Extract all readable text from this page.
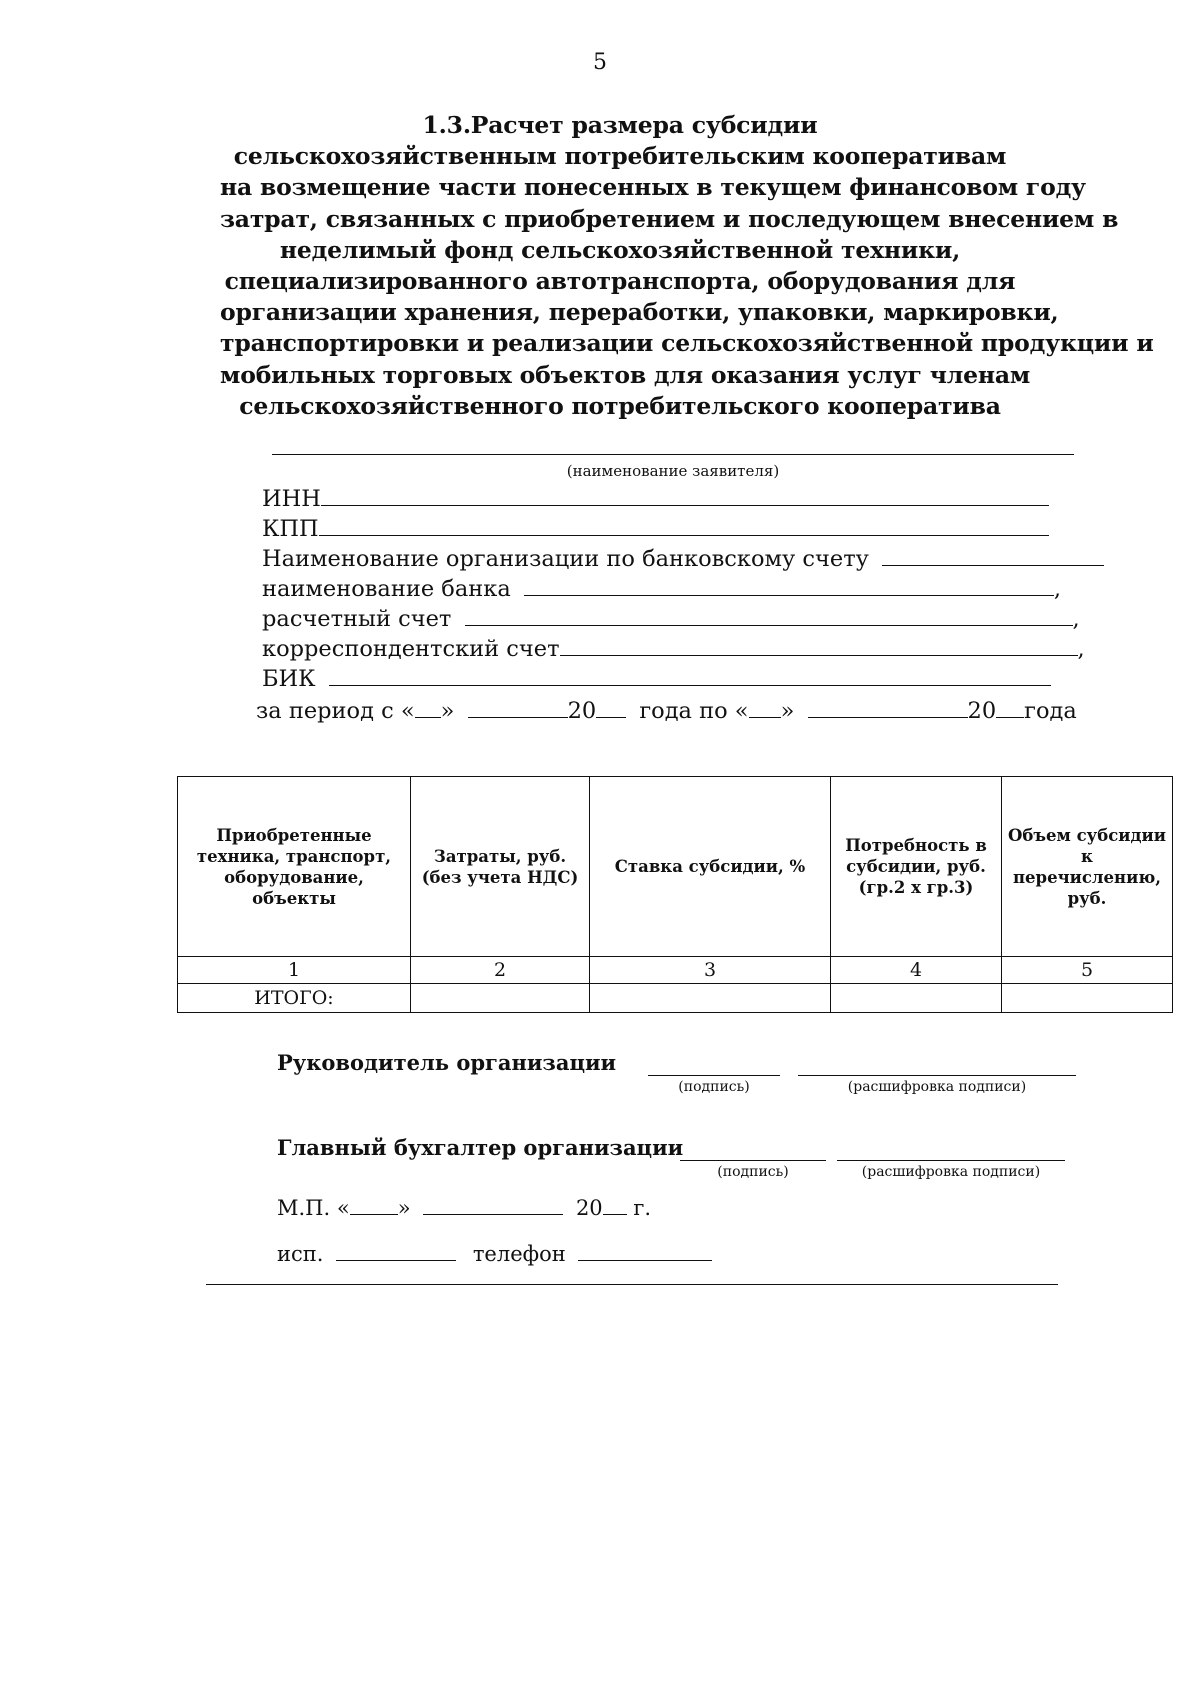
5
1.3.Расчет размера субсидии
сельскохозяйственным потребительским кооперативам
на возмещение части понесенных в текущем финансовом году
затрат, связанных с приобретением и последующем внесением в
неделимый фонд сельскохозяйственной техники,
специализированного автотранспорта, оборудования для
организации хранения, переработки, упаковки, маркировки,
транспортировки и реализации сельскохозяйственной продукции и
мобильных торговых объектов для оказания услуг членам
сельскохозяйственного потребительского кооператива
(наименование заявителя)
ИНН
КПП
Наименование организации по банковскому счету
наименование банка	,
расчетный счет	,
корреспондентский счет	,
БИК
за период с « »	20 года по « »	20 года
Приобретенные техника, транспорт, оборудование, объекты	Затраты, руб. (без учета НДС)	Ставка субсидии, %	Потребность в субсидии, руб. (гр.2 х гр.3)	Объем субсидии к перечислению, руб.
1	2	3	4	5
ИТОГО:				
Руководитель организации
(подпись)	(расшифровка подписи)
Главный бухгалтер организации
(подпись)	(расшифровка подписи)
М.П. « »	20 г.
исп.	телефон
